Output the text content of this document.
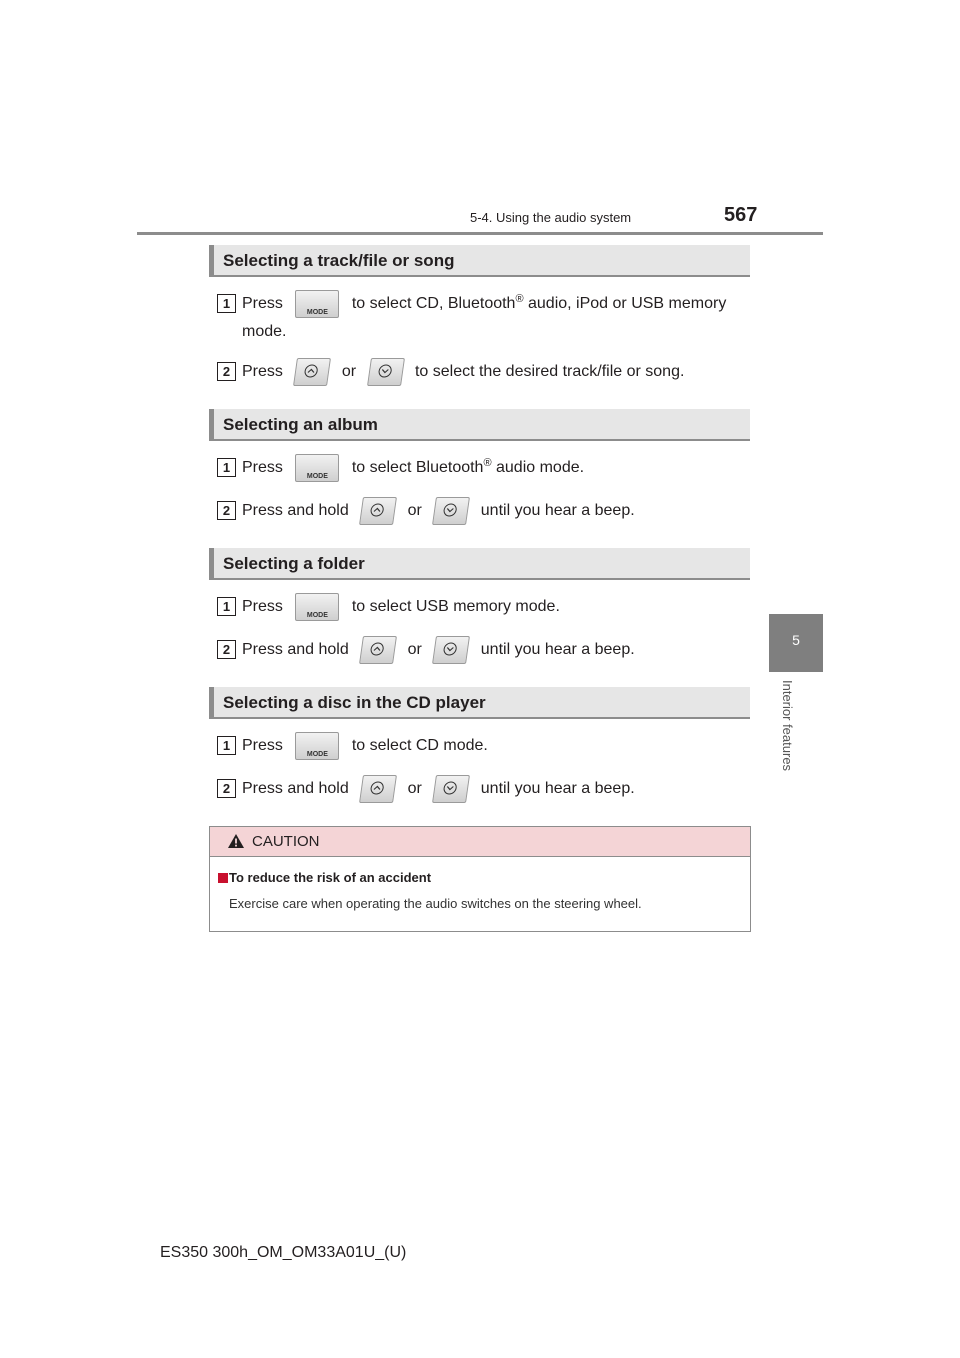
5-4. Using the audio system	567
5
Interior features
Selecting a track/file or song
1 Press
MODE
to select CD, Bluetooth® audio, iPod or USB memory mode.
2 Press	or	to select the desired track/file or song.
Selecting an album
1 Press
MODE
to select Bluetooth® audio mode.
2 Press and hold	or	until you hear a beep.
Selecting a folder
1 Press
MODE
to select USB memory mode.
2 Press and hold	or	until you hear a beep.
Selecting a disc in the CD player
1 Press
MODE
to select CD mode.
2 Press and hold	or	until you hear a beep.
CAUTION
To reduce the risk of an accident
Exercise care when operating the audio switches on the steering wheel.
ES350 300h_OM_OM33A01U_(U)
